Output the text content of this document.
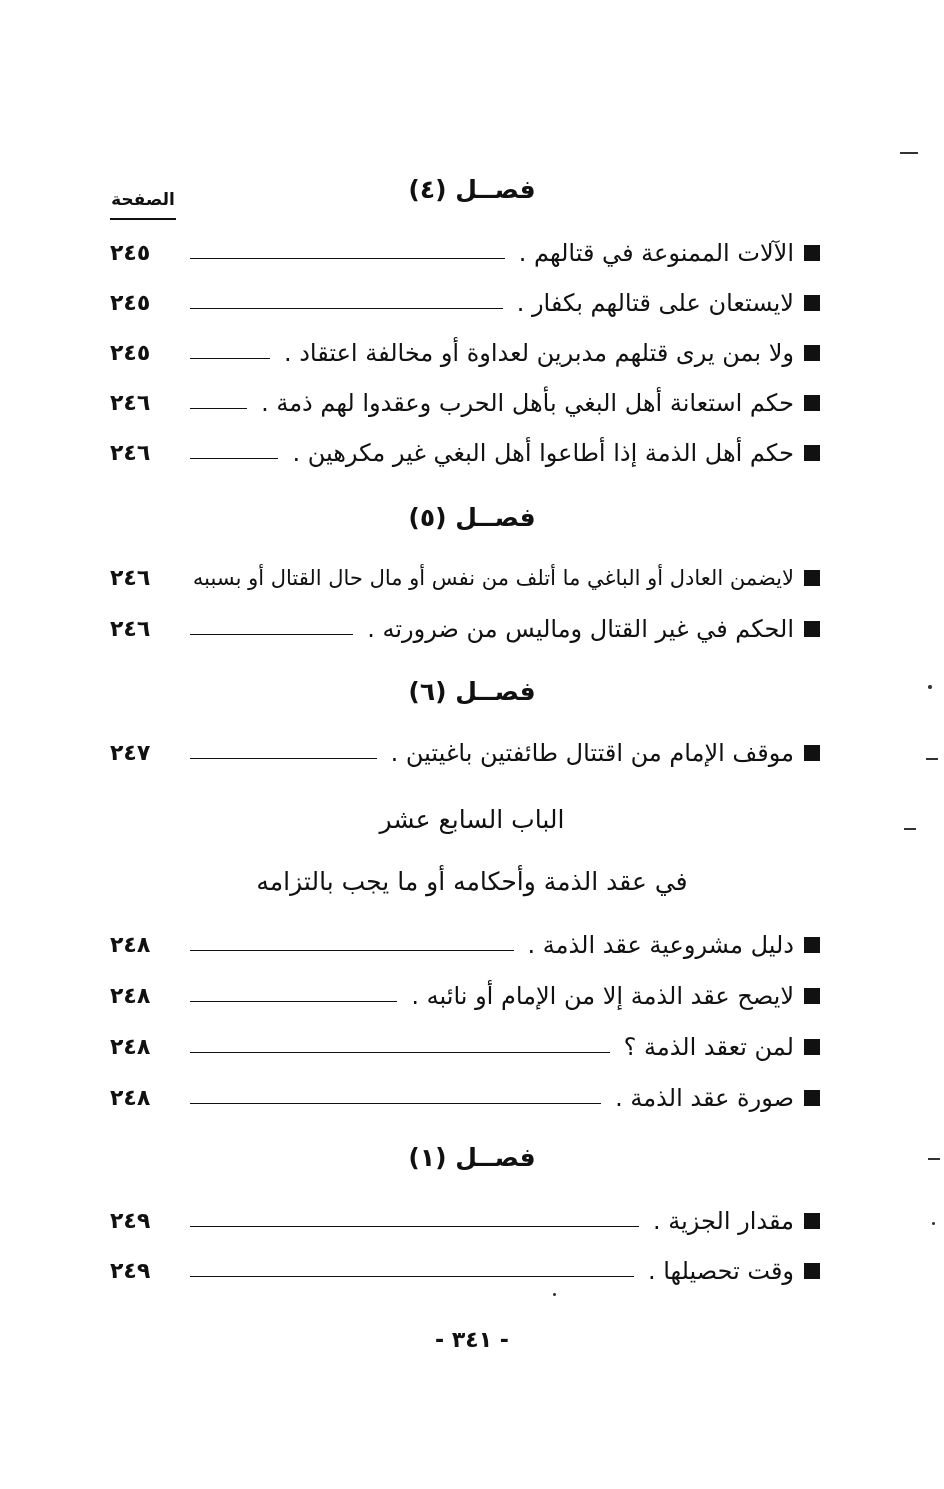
فصــل (٤)
الصفحة
الآلات الممنوعة في قتالهم .
٢٤٥
لايستعان على قتالهم بكفار .
٢٤٥
ولا بمن يرى قتلهم مدبرين لعداوة أو مخالفة اعتقاد .
٢٤٥
حكم استعانة أهل البغي بأهل الحرب وعقدوا لهم ذمة .
٢٤٦
حكم أهل الذمة إذا أطاعوا أهل البغي غير مكرهين .
٢٤٦
فصــل (٥)
لايضمن العادل أو الباغي ما أتلف من نفس أو مال حال القتال أو بسببه
٢٤٦
الحكم في غير القتال وماليس من ضرورته .
٢٤٦
فصــل (٦)
موقف الإمام من اقتتال طائفتين باغيتين .
٢٤٧
الباب السابع عشر
في عقد الذمة وأحكامه أو ما يجب بالتزامه
دليل مشروعية عقد الذمة .
٢٤٨
لايصح عقد الذمة إلا من الإمام أو نائبه .
٢٤٨
لمن تعقد الذمة ؟
٢٤٨
صورة عقد الذمة .
٢٤٨
فصــل (١)
مقدار الجزية .
٢٤٩
وقت تحصيلها .
٢٤٩
- ٣٤١ -
